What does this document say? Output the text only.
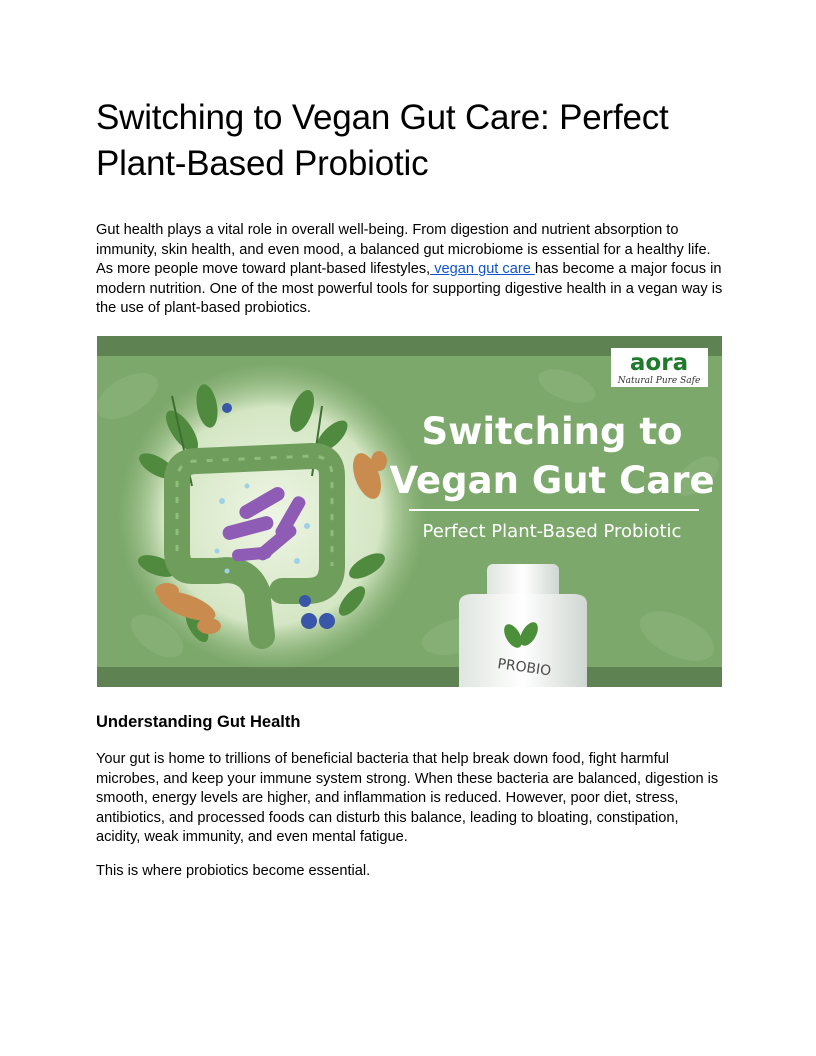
Switching to Vegan Gut Care: Perfect
Plant-Based Probiotic

Gut health plays a vital role in overall well-being. From digestion and nutrient absorption to immunity, skin health, and even mood, a balanced gut microbiome is essential for a healthy life. As more people move toward plant-based lifestyles, vegan gut care has become a major focus in modern nutrition. One of the most powerful tools for supporting digestive health in a vegan way is the use of plant-based probiotics.

aora
Natural Pure Safe
Switching to
Vegan Gut Care
Perfect Plant-Based Probiotic
PROBIO
Understanding Gut Health

Your gut is home to trillions of beneficial bacteria that help break down food, fight harmful microbes, and keep your immune system strong. When these bacteria are balanced, digestion is smooth, energy levels are higher, and inflammation is reduced. However, poor diet, stress, antibiotics, and processed foods can disturb this balance, leading to bloating, constipation, acidity, weak immunity, and even mental fatigue.

This is where probiotics become essential.
